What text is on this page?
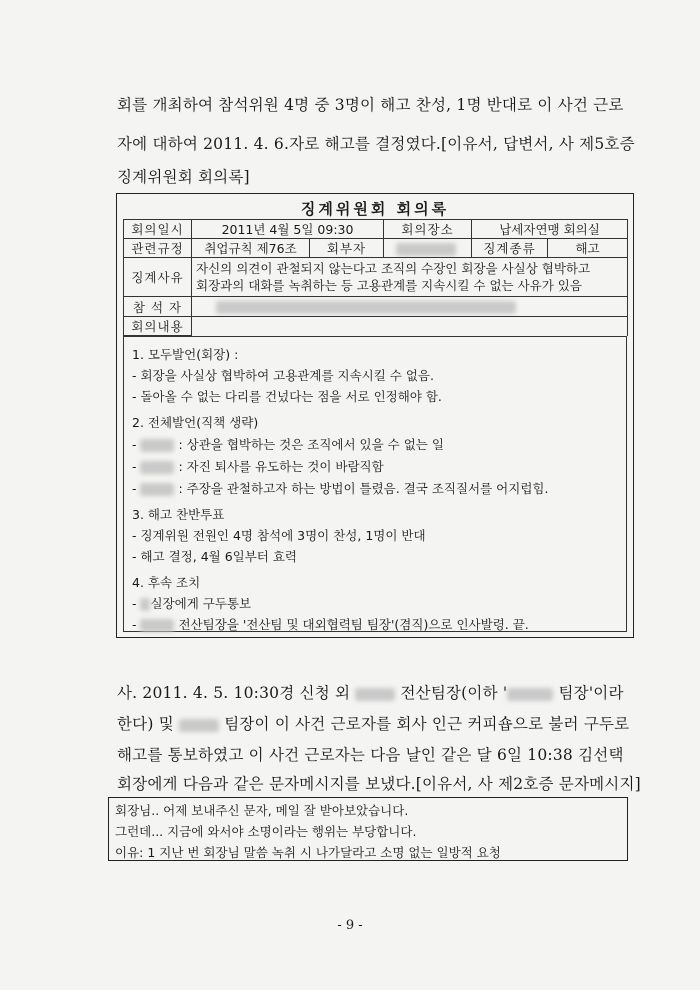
회를 개최하여 참석위원 4명 중 3명이 해고 찬성, 1명 반대로 이 사건 근로
자에 대하여 2011. 4. 6.자로 해고를 결정였다.[이유서, 답변서, 사 제5호증
징계위원회 회의록]
징계위원회 회의록
회의일시	2011년 4월 5일 09:30		회의장소	납세자연맹 회의실	
관련규정	취업규칙 제76조	회부자		징계종류	해고
징계사유	자신의 의견이 관철되지 않는다고 조직의 수장인 회장을 사실상 협박하고
회장과의 대화를 녹취하는 등 고용관계를 지속시킬 수 없는 사유가 있음				

참 석 자					
회의내용					
1. 모두발언(회장) :
- 회장을 사실상 협박하여 고용관계를 지속시킬 수 없음.
- 돌아올 수 없는 다리를 건넜다는 점을 서로 인정해야 함.
2. 전체발언(직책 생략)
-	: 상관을 협박하는 것은 조직에서 있을 수 없는 일
-	: 자진 퇴사를 유도하는 것이 바람직함
-	: 주장을 관철하고자 하는 방법이 틀렸음. 결국 조직질서를 어지럽힘.
3. 해고 찬반투표
- 징계위원 전원인 4명 참석에 3명이 찬성, 1명이 반대
- 해고 결정, 4월 6일부터 효력
4. 후속 조치
- 실장에게 구두통보
-	전산팀장을 '전산팀 및 대외협력팀 팀장'(겸직)으로 인사발령. 끝.
사. 2011. 4. 5. 10:30경 신청 외	전산팀장(이하 '	팀장'이라
한다) 및	팀장이 이 사건 근로자를 회사 인근 커피숍으로 불러 구두로
해고를 통보하였고 이 사건 근로자는 다음 날인 같은 달 6일 10:38 김선택
회장에게 다음과 같은 문자메시지를 보냈다.[이유서, 사 제2호증 문자메시지]
회장님.. 어제 보내주신 문자, 메일 잘 받아보았습니다.
그런데... 지금에 와서야 소명이라는 행위는 부당합니다.
이유: 1 지난 번 회장님 말씀 녹취 시 나가달라고 소명 없는 일방적 요청
- 9 -
